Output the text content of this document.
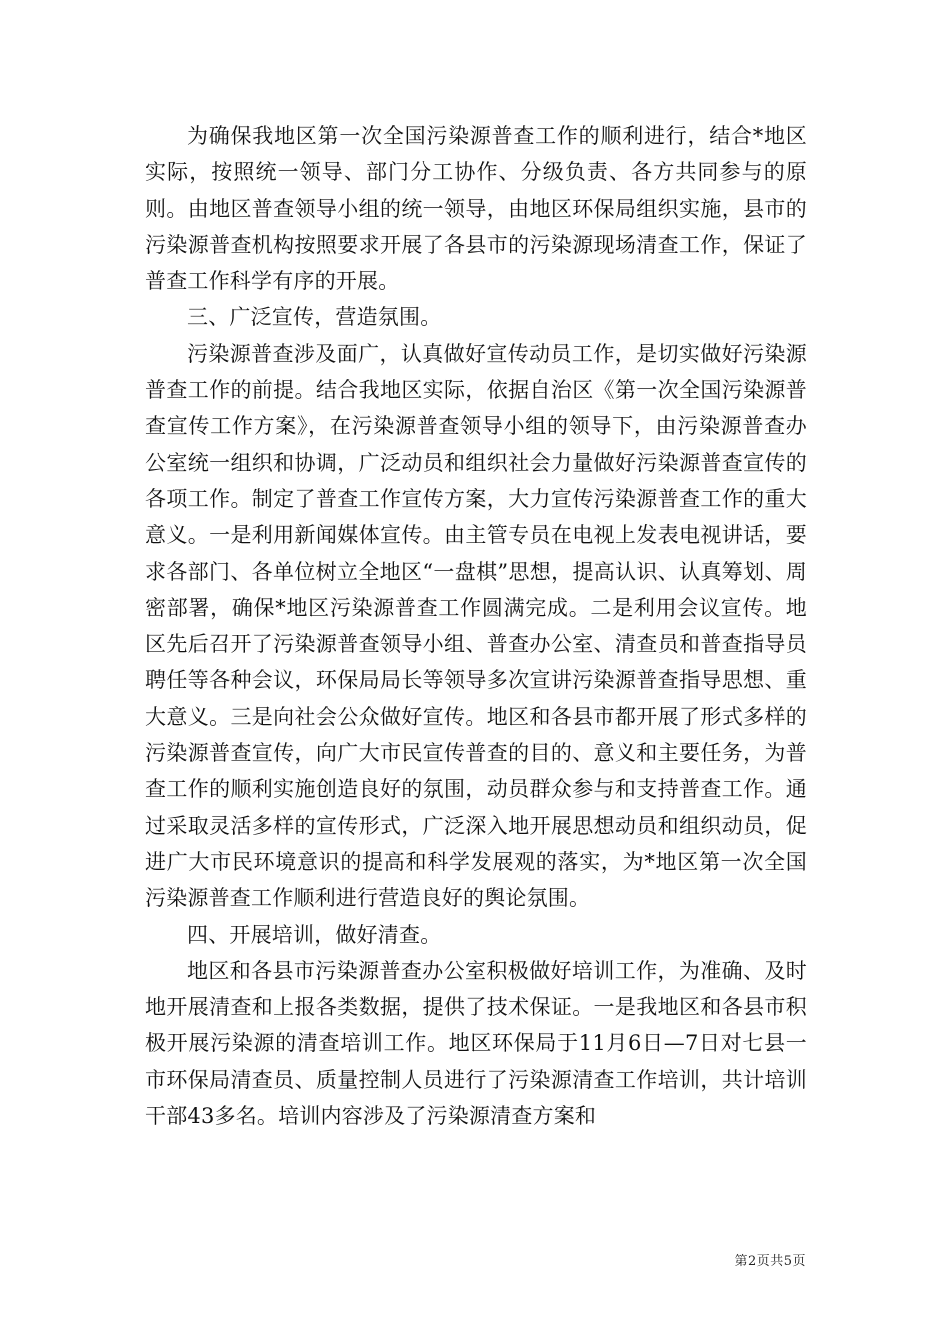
为确保我地区第一次全国污染源普查工作的顺利进行，结合*地区实际，按照统一领导、部门分工协作、分级负责、各方共同参与的原则。由地区普查领导小组的统一领导，由地区环保局组织实施，县市的污染源普查机构按照要求开展了各县市的污染源现场清查工作，保证了普查工作科学有序的开展。

三、广泛宣传，营造氛围。

污染源普查涉及面广，认真做好宣传动员工作，是切实做好污染源普查工作的前提。结合我地区实际，依据自治区《第一次全国污染源普查宣传工作方案》，在污染源普查领导小组的领导下，由污染源普查办公室统一组织和协调，广泛动员和组织社会力量做好污染源普查宣传的各项工作。制定了普查工作宣传方案，大力宣传污染源普查工作的重大意义。一是利用新闻媒体宣传。由主管专员在电视上发表电视讲话，要求各部门、各单位树立全地区“一盘棋”思想，提高认识、认真筹划、周密部署，确保*地区污染源普查工作圆满完成。二是利用会议宣传。地区先后召开了污染源普查领导小组、普查办公室、清查员和普查指导员聘任等各种会议，环保局局长等领导多次宣讲污染源普查指导思想、重大意义。三是向社会公众做好宣传。地区和各县市都开展了形式多样的污染源普查宣传，向广大市民宣传普查的目的、意义和主要任务，为普查工作的顺利实施创造良好的氛围，动员群众参与和支持普查工作。通过采取灵活多样的宣传形式，广泛深入地开展思想动员和组织动员，促进广大市民环境意识的提高和科学发展观的落实，为*地区第一次全国污染源普查工作顺利进行营造良好的舆论氛围。

四、开展培训，做好清查。

地区和各县市污染源普查办公室积极做好培训工作，为准确、及时地开展清查和上报各类数据，提供了技术保证。一是我地区和各县市积极开展污染源的清查培训工作。地区环保局于11月6日—7日对七县一市环保局清查员、质量控制人员进行了污染源清查工作培训，共计培训干部43多名。培训内容涉及了污染源清查方案和

第2页共5页
